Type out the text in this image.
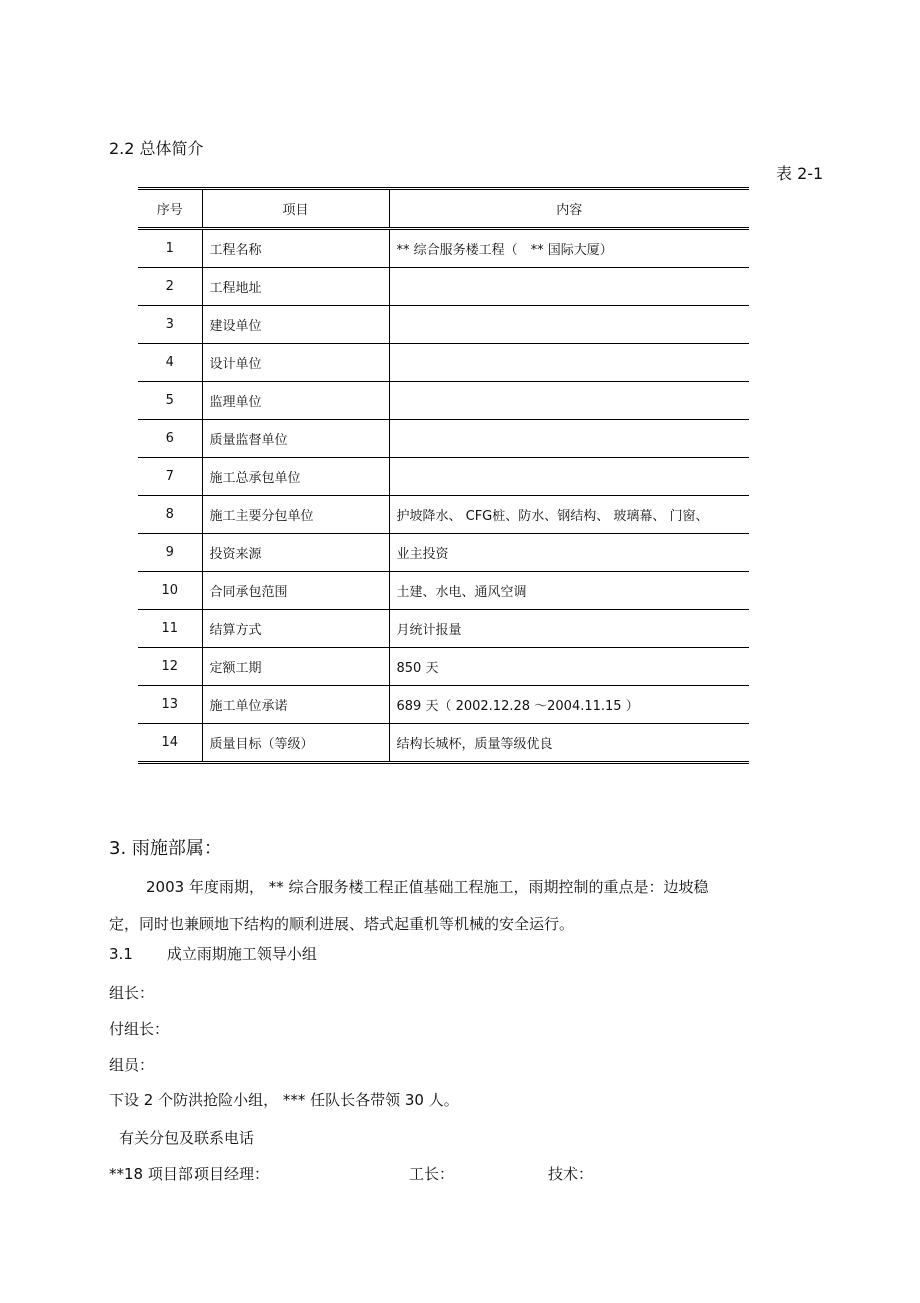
2.2 总体简介
表 2-1
序号	项目	内容
1	工程名称	** 综合服务楼工程（　** 国际大厦）
2	工程地址	
3	建设单位	
4	设计单位	
5	监理单位	
6	质量监督单位	
7	施工总承包单位	
8	施工主要分包单位	护坡降水、 CFG桩、防水、钢结构、 玻璃幕、 门窗、
9	投资来源	业主投资
10	合同承包范围	土建、水电、通风空调
11	结算方式	月统计报量
12	定额工期	850 天
13	施工单位承诺	689 天（ 2002.12.28 ～2004.11.15 ）
14	质量目标（等级）	结构长城杯，质量等级优良
3. 雨施部属：
2003 年度雨期， ** 综合服务楼工程正值基础工程施工，雨期控制的重点是：边坡稳
定，同时也兼顾地下结构的顺利进展、塔式起重机等机械的安全运行。
3.1 成立雨期施工领导小组
组长：
付组长：
组员：
下设 2 个防洪抢险小组， *** 任队长各带领 30 人。
有关分包及联系电话
**18 项目部：
项目经理：	工长：	技术：
